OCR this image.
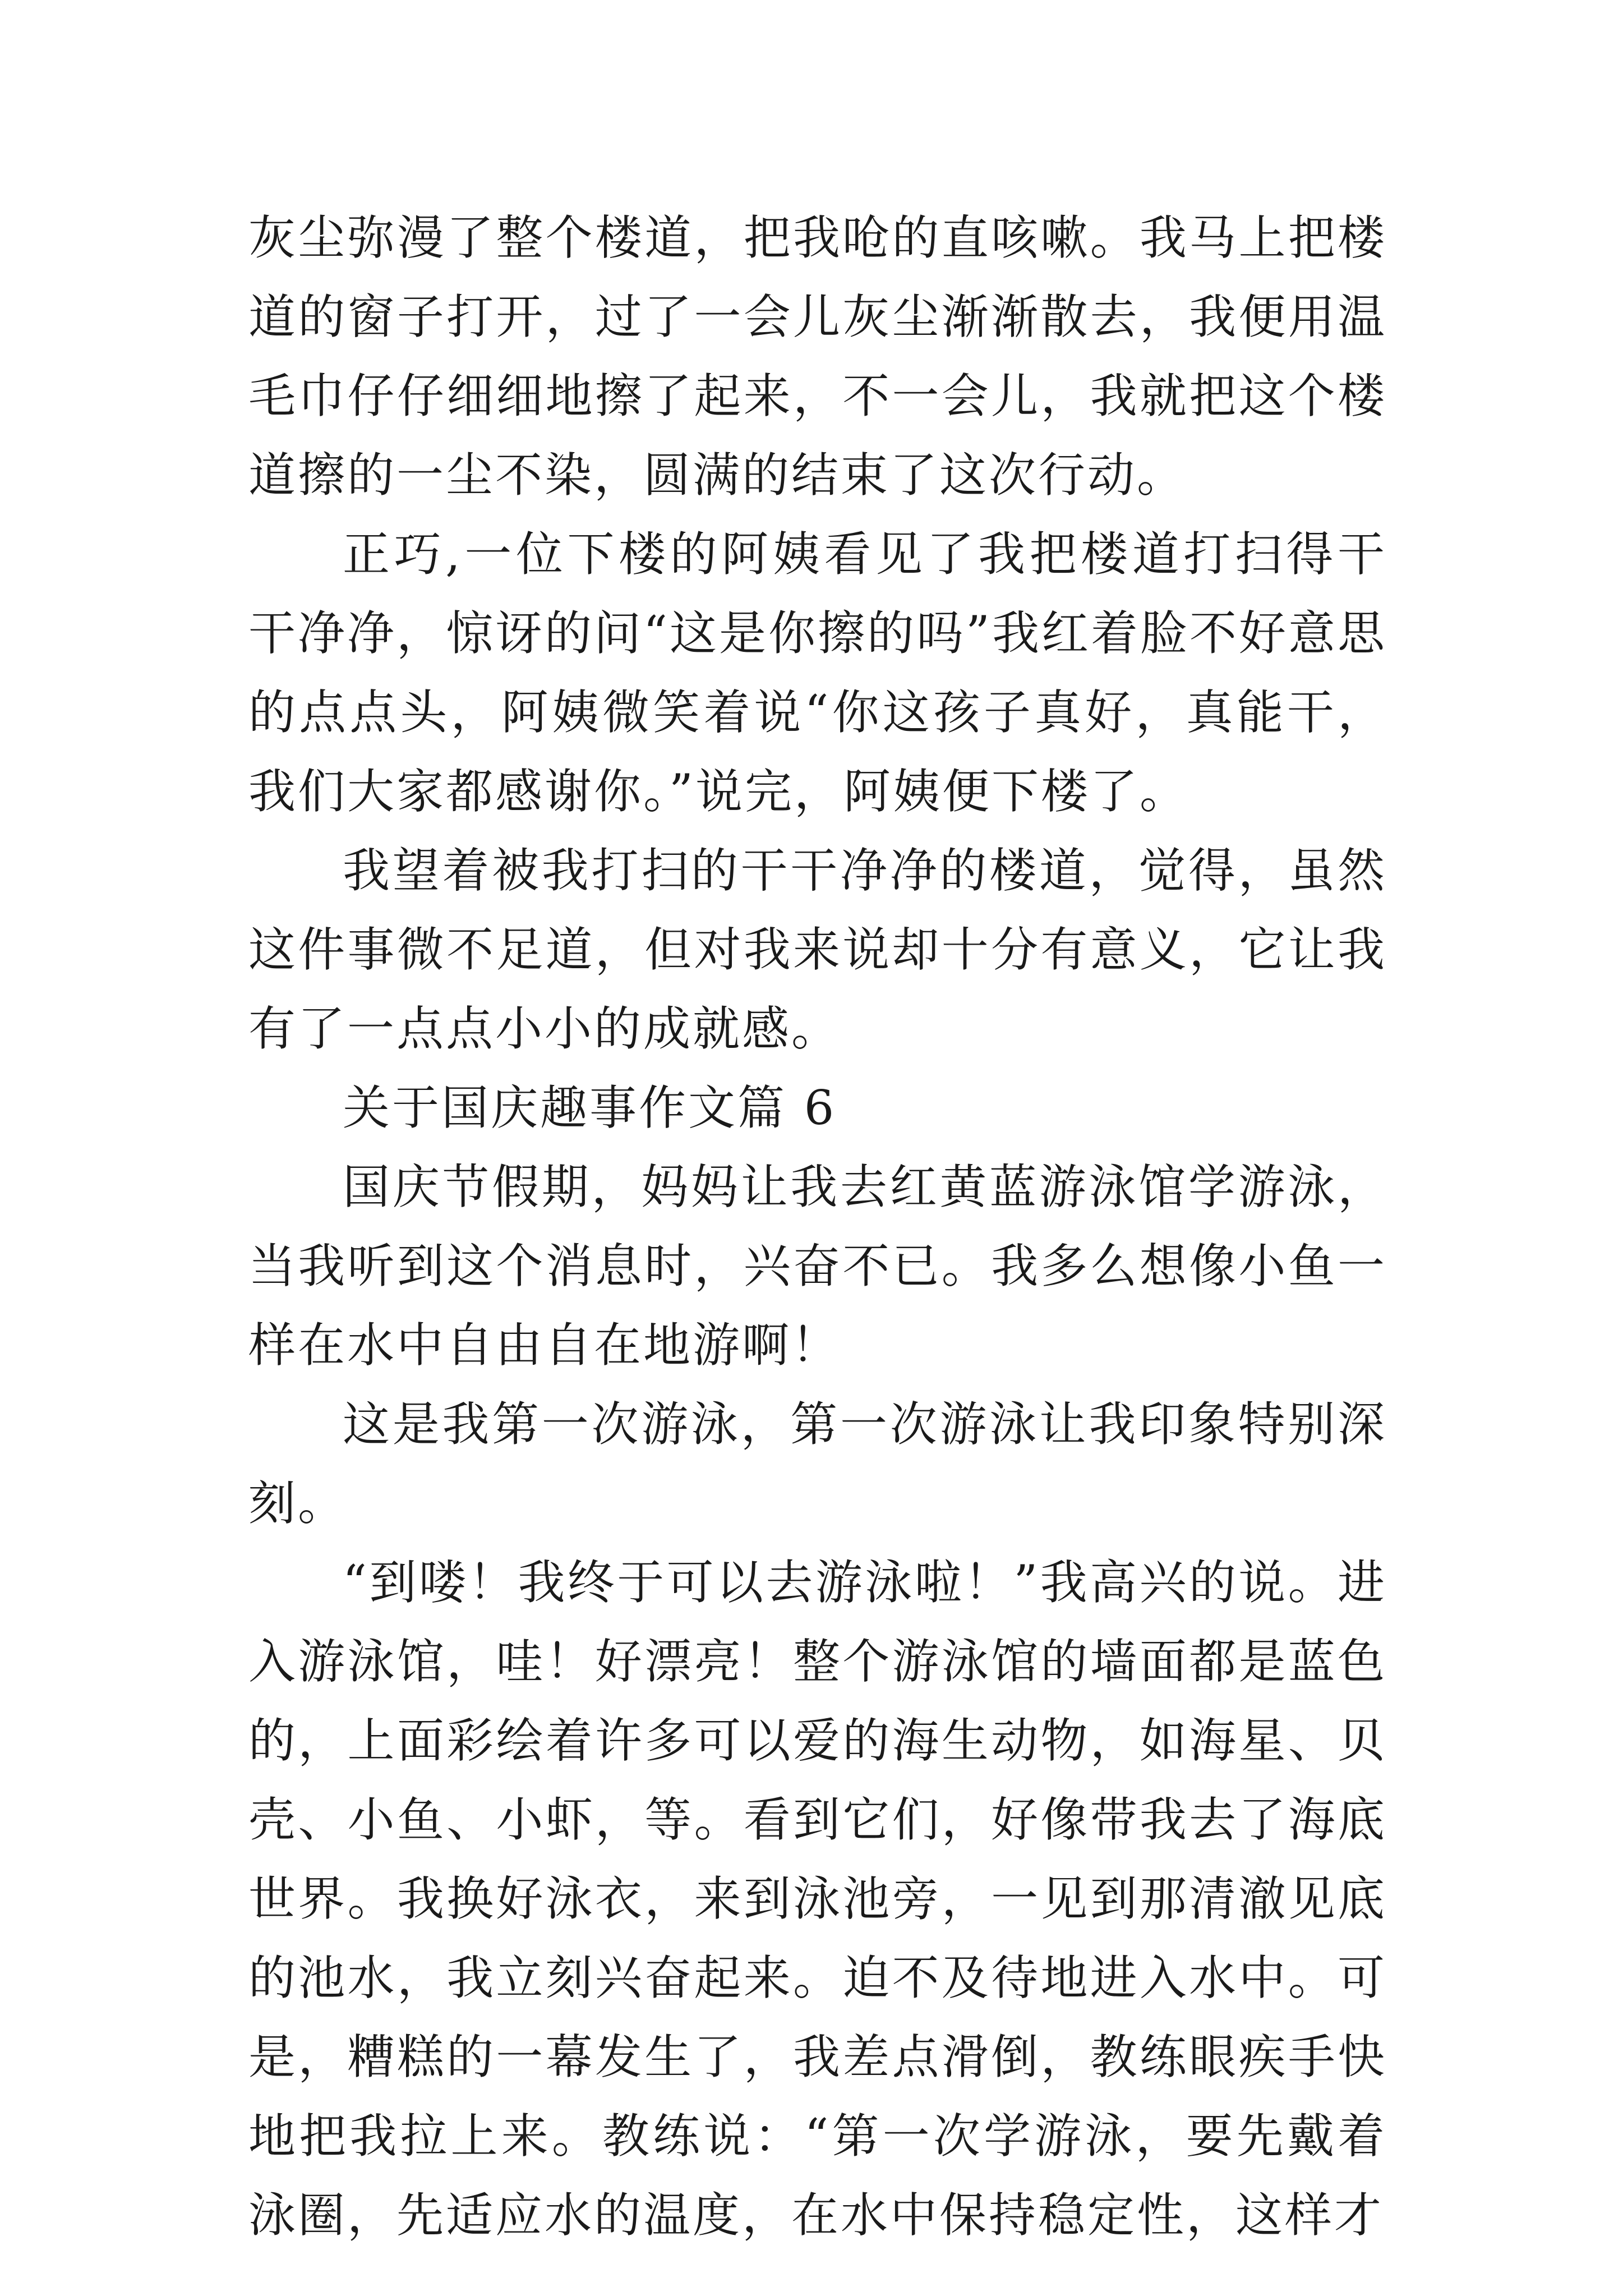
灰尘弥漫了整个楼道，把我呛的直咳嗽。我马上把楼道的窗子打开，过了一会儿灰尘渐渐散去，我便用温毛巾仔仔细细地擦了起来，不一会儿，我就把这个楼道擦的一尘不染，圆满的结束了这次行动。

正巧,一位下楼的阿姨看见了我把楼道打扫得干干净净，惊讶的问“这是你擦的吗”我红着脸不好意思的点点头，阿姨微笑着说“你这孩子真好，真能干，我们大家都感谢你。”说完，阿姨便下楼了。

我望着被我打扫的干干净净的楼道，觉得，虽然这件事微不足道，但对我来说却十分有意义，它让我有了一点点小小的成就感。

关于国庆趣事作文篇 6

国庆节假期，妈妈让我去红黄蓝游泳馆学游泳，当我听到这个消息时，兴奋不已。我多么想像小鱼一样在水中自由自在地游啊！

这是我第一次游泳，第一次游泳让我印象特别深刻。

“到喽！我终于可以去游泳啦！”我高兴的说。进入游泳馆，哇！好漂亮！整个游泳馆的墙面都是蓝色的，上面彩绘着许多可以爱的海生动物，如海星、贝壳、小鱼、小虾，等。看到它们，好像带我去了海底世界。我换好泳衣，来到泳池旁，一见到那清澈见底的池水，我立刻兴奋起来。迫不及待地进入水中。可是，糟糕的一幕发生了，我差点滑倒，教练眼疾手快地把我拉上来。教练说：“第一次学游泳，要先戴着泳圈，先适应水的温度，在水中保持稳定性，这样才
